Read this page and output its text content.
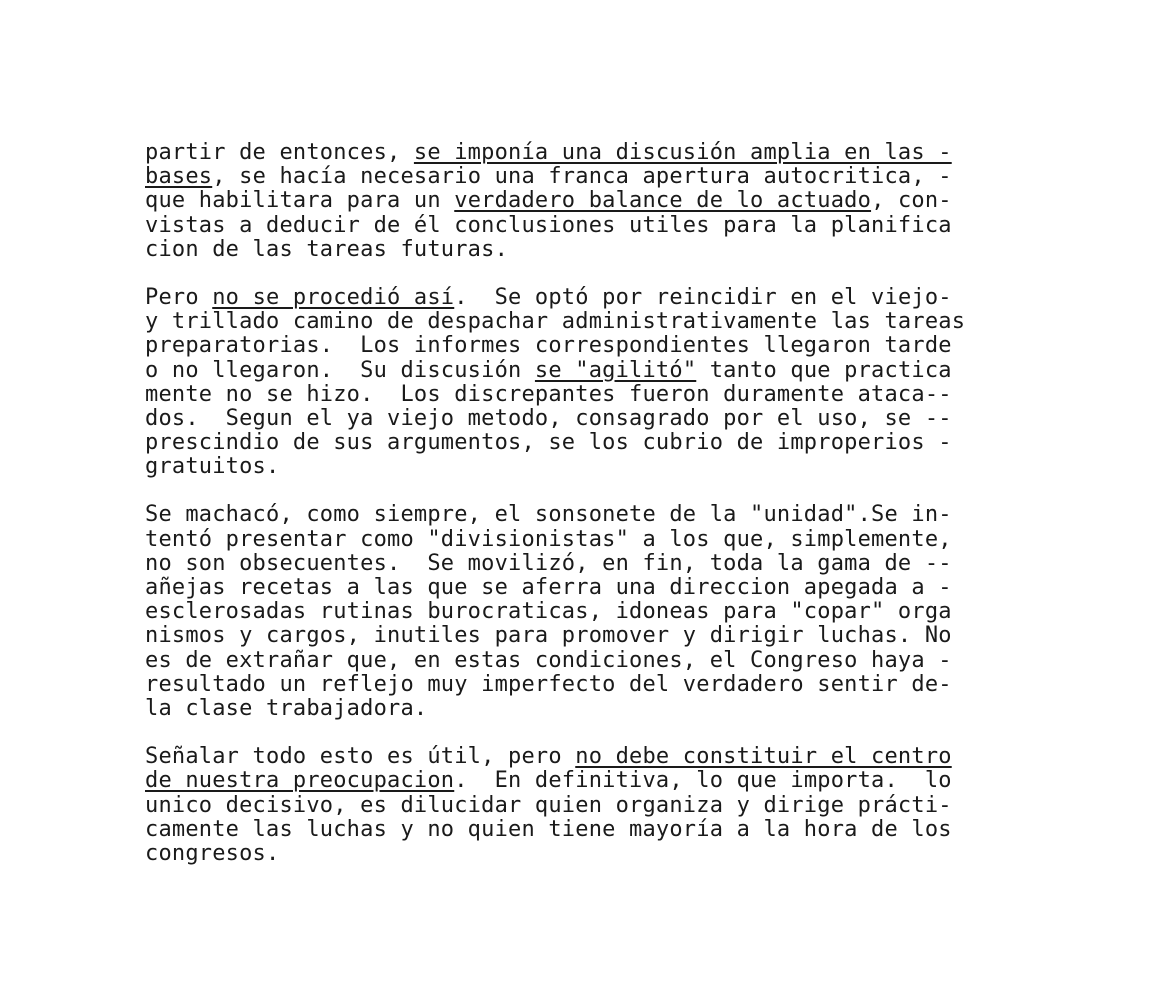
partir de entonces, se imponía una discusión amplia en las -
bases, se hacía necesario una franca apertura autocritica, -
que habilitara para un verdadero balance de lo actuado, con-
vistas a deducir de él conclusiones utiles para la planifica
cion de las tareas futuras.
Pero no se procedió así.  Se optó por reincidir en el viejo-
y trillado camino de despachar administrativamente las tareas
preparatorias.  Los informes correspondientes llegaron tarde
o no llegaron.  Su discusión se "agilitó" tanto que practica
mente no se hizo.  Los discrepantes fueron duramente ataca--
dos.  Segun el ya viejo metodo, consagrado por el uso, se --
prescindio de sus argumentos, se los cubrio de improperios -
gratuitos.
Se machacó, como siempre, el sonsonete de la "unidad".Se in-
tentó presentar como "divisionistas" a los que, simplemente,
no son obsecuentes.  Se movilizó, en fin, toda la gama de --
añejas recetas a las que se aferra una direccion apegada a -
esclerosadas rutinas burocraticas, idoneas para "copar" orga
nismos y cargos, inutiles para promover y dirigir luchas. No
es de extrañar que, en estas condiciones, el Congreso haya -
resultado un reflejo muy imperfecto del verdadero sentir de-
la clase trabajadora.
Señalar todo esto es útil, pero no debe constituir el centro
de nuestra preocupacion.  En definitiva, lo que importa.  lo
unico decisivo, es dilucidar quien organiza y dirige prácti-
camente las luchas y no quien tiene mayoría a la hora de los
congresos.
